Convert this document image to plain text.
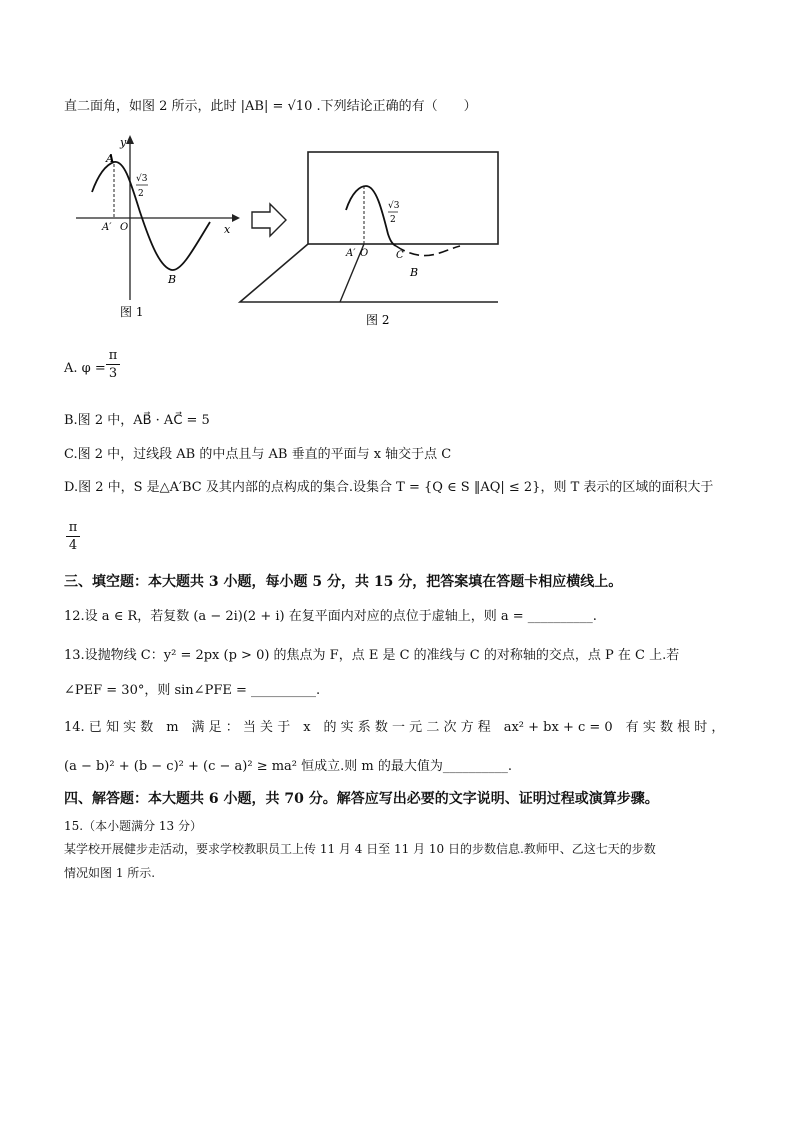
直二面角，如图 2 所示，此时 |AB| = √10 .下列结论正确的有（　　）
y
x
A
A′ O
√3
2
B
图 1
√3
2
A′ O	C
B
图 2
A. φ =
π
3
B.图 2 中，AB⃗ · AC⃗ = 5
C.图 2 中，过线段 AB 的中点且与 AB 垂直的平面与 x 轴交于点 C
D.图 2 中，S 是△A′BC 及其内部的点构成的集合.设集合 T = {Q ∈ S ‖AQ| ≤ 2}，则 T 表示的区域的面积大于
π
4
三、填空题：本大题共 3 小题，每小题 5 分，共 15 分，把答案填在答题卡相应横线上。
12.设 a ∈ R，若复数 (a − 2i)(2 + i) 在复平面内对应的点位于虚轴上，则 a = __________.
13.设抛物线 C：y² = 2px (p > 0) 的焦点为 F，点 E 是 C 的准线与 C 的对称轴的交点，点 P 在 C 上.若
∠PEF = 30°，则 sin∠PFE = __________.
14. 已 知 实 数　m　满 足 ： 当 关 于　x　的 实 系 数 一 元 二 次 方 程　ax² + bx + c = 0　有 实 数 根 时 ，
(a − b)² + (b − c)² + (c − a)² ≥ ma² 恒成立.则 m 的最大值为__________.
四、解答题：本大题共 6 小题，共 70 分。解答应写出必要的文字说明、证明过程或演算步骤。
15.（本小题满分 13 分）
某学校开展健步走活动，要求学校教职员工上传 11 月 4 日至 11 月 10 日的步数信息.教师甲、乙这七天的步数
情况如图 1 所示.
